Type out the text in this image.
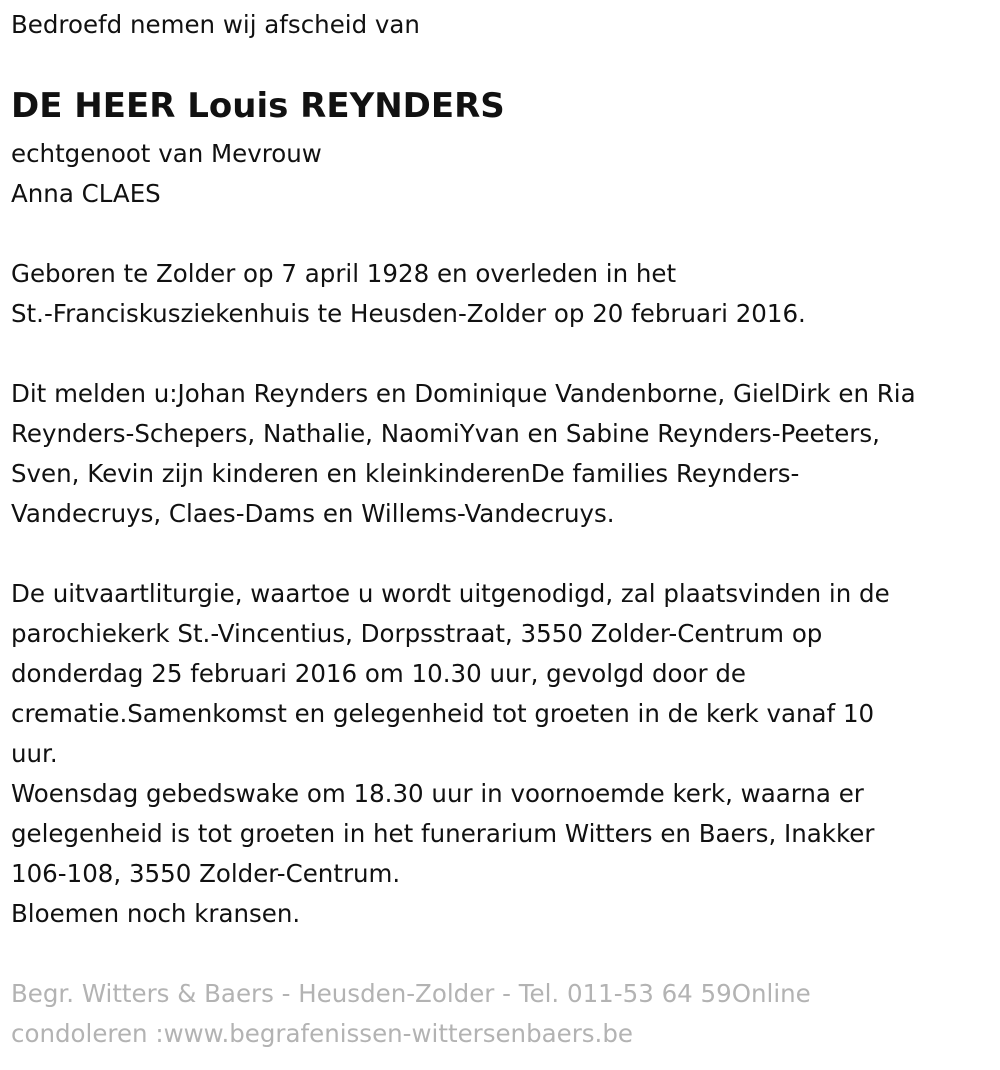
Bedroefd nemen wij afscheid van
DE HEER Louis REYNDERS
echtgenoot van Mevrouw
Anna CLAES
Geboren te Zolder op 7 april 1928 en overleden in het
St.-Franciskusziekenhuis te Heusden-Zolder op 20 februari 2016.
Dit melden u:Johan Reynders en Dominique Vandenborne, GielDirk en Ria
Reynders-Schepers, Nathalie, NaomiYvan en Sabine Reynders-Peeters,
Sven, Kevin zijn kinderen en kleinkinderenDe families Reynders-
Vandecruys, Claes-Dams en Willems-Vandecruys.
De uitvaartliturgie, waartoe u wordt uitgenodigd, zal plaatsvinden in de
parochiekerk St.-Vincentius, Dorpsstraat, 3550 Zolder-Centrum op
donderdag 25 februari 2016 om 10.30 uur, gevolgd door de
crematie.Samenkomst en gelegenheid tot groeten in de kerk vanaf 10
uur.
Woensdag gebedswake om 18.30 uur in voornoemde kerk, waarna er
gelegenheid is tot groeten in het funerarium Witters en Baers, Inakker
106-108, 3550 Zolder-Centrum.
Bloemen noch kransen.
Begr. Witters & Baers - Heusden-Zolder - Tel. 011-53 64 59Online
condoleren :www.begrafenissen-wittersenbaers.be
